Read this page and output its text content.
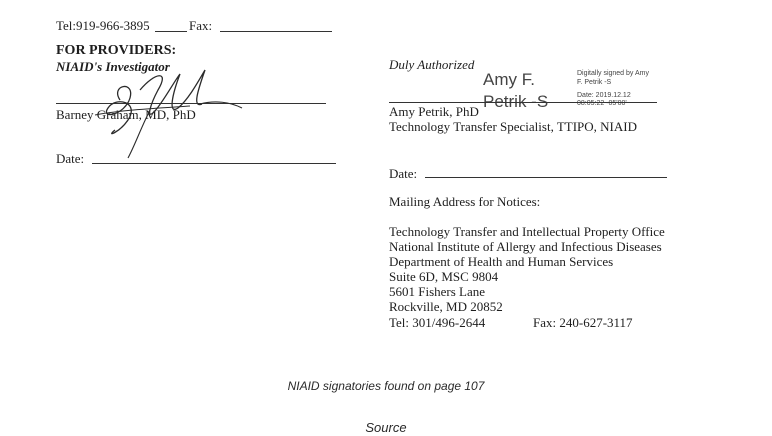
Tel:919-966-3895	Fax:
FOR PROVIDERS:
NIAID's Investigator
Barney Graham, MD, PhD
Date:
Duly Authorized
Amy F.
Petrik -S
Digitally signed by Amy
F. Petrik -S
Date: 2019.12.12
08:05:22 -05'00'
Amy Petrik, PhD
Technology Transfer Specialist, TTIPO, NIAID
Date:
Mailing Address for Notices:
Technology Transfer and Intellectual Property Office
National Institute of Allergy and Infectious Diseases
Department of Health and Human Services
Suite 6D, MSC 9804
5601 Fishers Lane
Rockville, MD 20852
Tel: 301/496-2644	Fax: 240-627-3117
NIAID signatories found on page 107
Source
